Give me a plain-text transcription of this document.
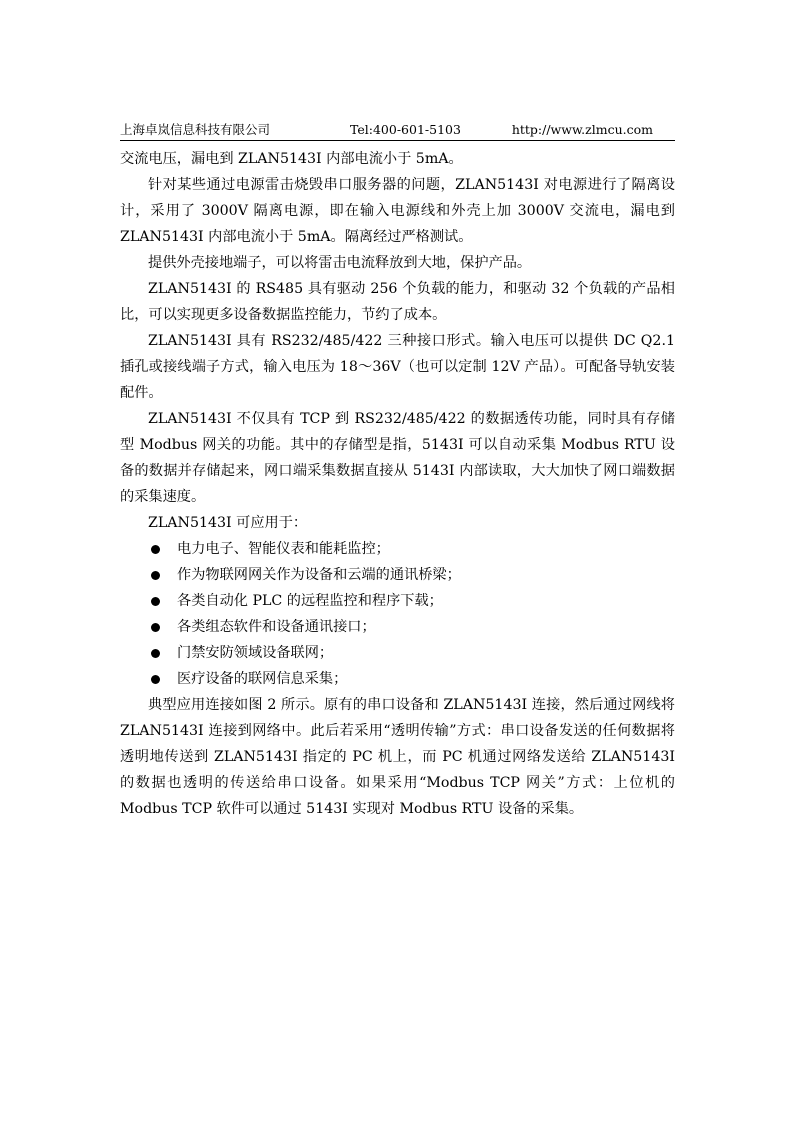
上海卓岚信息科技有限公司	Tel:400-601-5103	http://www.zlmcu.com

交流电压，漏电到 ZLAN5143I 内部电流小于 5mA。

针对某些通过电源雷击烧毁串口服务器的问题，ZLAN5143I 对电源进行了隔离设计，采用了 3000V 隔离电源，即在输入电源线和外壳上加 3000V 交流电，漏电到 ZLAN5143I 内部电流小于 5mA。隔离经过严格测试。

提供外壳接地端子，可以将雷击电流释放到大地，保护产品。

ZLAN5143I 的 RS485 具有驱动 256 个负载的能力，和驱动 32 个负载的产品相比，可以实现更多设备数据监控能力，节约了成本。

ZLAN5143I 具有 RS232/485/422 三种接口形式。输入电压可以提供 DC Q2.1 插孔或接线端子方式，输入电压为 18～36V（也可以定制 12V 产品）。可配备导轨安装配件。

ZLAN5143I 不仅具有 TCP 到 RS232/485/422 的数据透传功能，同时具有存储型 Modbus 网关的功能。其中的存储型是指，5143I 可以自动采集 Modbus RTU 设备的数据并存储起来，网口端采集数据直接从 5143I 内部读取，大大加快了网口端数据的采集速度。

ZLAN5143I 可应用于：

电力电子、智能仪表和能耗监控；
作为物联网网关作为设备和云端的通讯桥梁；
各类自动化 PLC 的远程监控和程序下载；
各类组态软件和设备通讯接口；
门禁安防领域设备联网；
医疗设备的联网信息采集；

典型应用连接如图 2 所示。原有的串口设备和 ZLAN5143I 连接，然后通过网线将 ZLAN5143I 连接到网络中。此后若采用“透明传输”方式：串口设备发送的任何数据将透明地传送到 ZLAN5143I 指定的 PC 机上，而 PC 机通过网络发送给 ZLAN5143I 的数据也透明的传送给串口设备。如果采用“Modbus TCP 网关”方式：上位机的 Modbus TCP 软件可以通过 5143I 实现对 Modbus RTU 设备的采集。
